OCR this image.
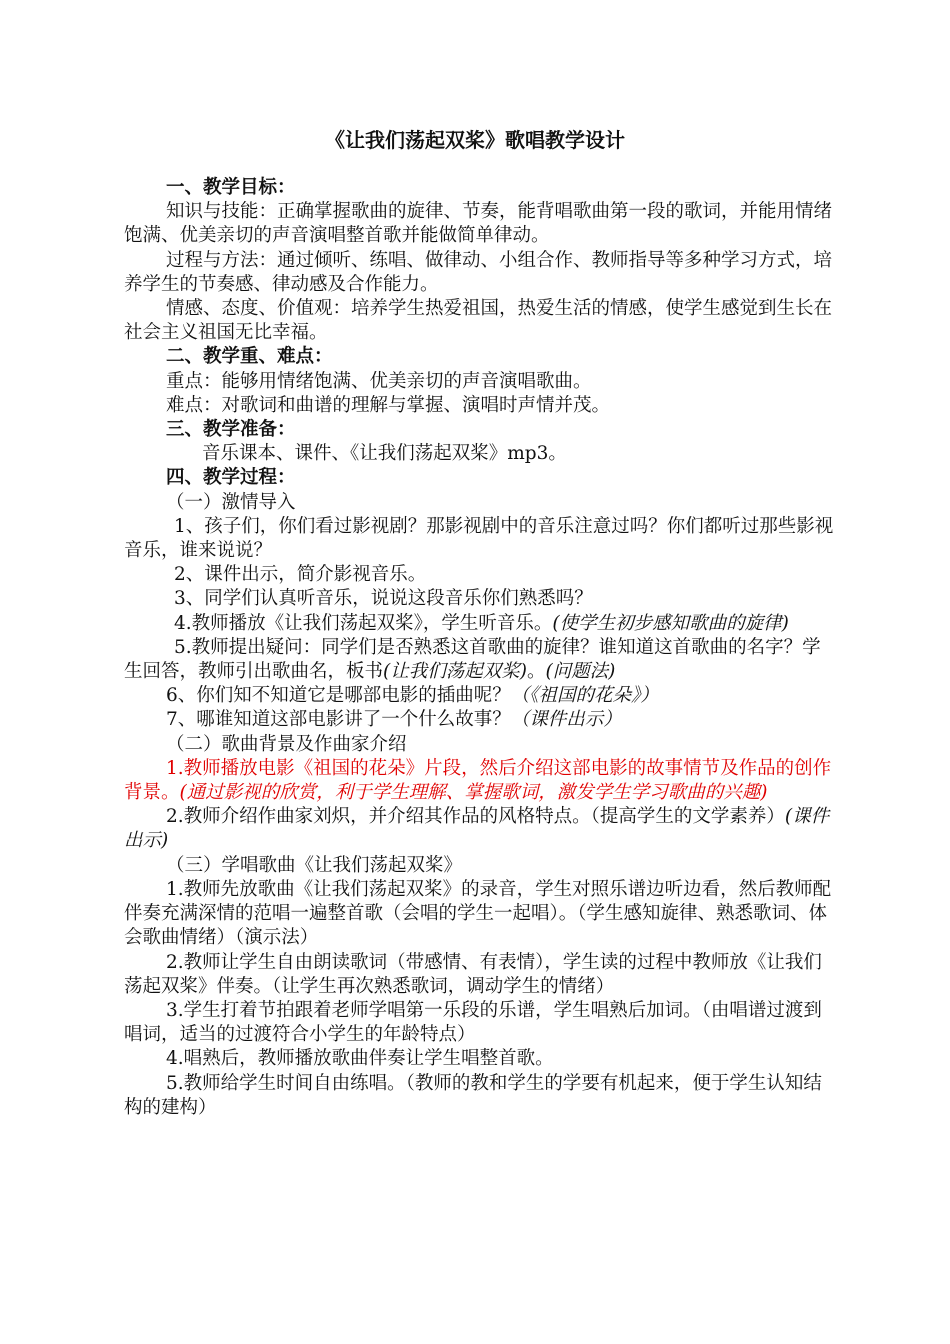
《让我们荡起双桨》歌唱教学设计

一、教学目标：

知识与技能：正确掌握歌曲的旋律、节奏，能背唱歌曲第一段的歌词，并能用情绪饱满、优美亲切的声音演唱整首歌并能做简单律动。

过程与方法：通过倾听、练唱、做律动、小组合作、教师指导等多种学习方式，培养学生的节奏感、律动感及合作能力。

情感、态度、价值观：培养学生热爱祖国，热爱生活的情感，使学生感觉到生长在社会主义祖国无比幸福。

二、教学重、难点：

重点：能够用情绪饱满、优美亲切的声音演唱歌曲。

难点：对歌词和曲谱的理解与掌握、演唱时声情并茂。

三、教学准备：

音乐课本、课件、《让我们荡起双桨》mp3。

四、教学过程：

（一）激情导入

1、孩子们，你们看过影视剧？那影视剧中的音乐注意过吗？你们都听过那些影视音乐，谁来说说？

2、课件出示，简介影视音乐。

3、同学们认真听音乐，说说这段音乐你们熟悉吗？

4.教师播放《让我们荡起双桨》，学生听音乐。(使学生初步感知歌曲的旋律)

5.教师提出疑问：同学们是否熟悉这首歌曲的旋律？谁知道这首歌曲的名字？学生回答，教师引出歌曲名，板书(让我们荡起双桨)。(问题法)

6、你们知不知道它是哪部电影的插曲呢？（《祖国的花朵》）

7、哪谁知道这部电影讲了一个什么故事？（课件出示）

（二）歌曲背景及作曲家介绍

1.教师播放电影《祖国的花朵》片段，然后介绍这部电影的故事情节及作品的创作背景。(通过影视的欣赏，利于学生理解、掌握歌词，激发学生学习歌曲的兴趣)

2.教师介绍作曲家刘炽，并介绍其作品的风格特点。（提高学生的文学素养）(课件出示)

（三）学唱歌曲《让我们荡起双桨》

1.教师先放歌曲《让我们荡起双桨》的录音，学生对照乐谱边听边看，然后教师配伴奏充满深情的范唱一遍整首歌（会唱的学生一起唱）。（学生感知旋律、熟悉歌词、体会歌曲情绪）（演示法）

2.教师让学生自由朗读歌词（带感情、有表情），学生读的过程中教师放《让我们荡起双桨》伴奏。（让学生再次熟悉歌词，调动学生的情绪）

3.学生打着节拍跟着老师学唱第一乐段的乐谱，学生唱熟后加词。（由唱谱过渡到唱词，适当的过渡符合小学生的年龄特点）

4.唱熟后，教师播放歌曲伴奏让学生唱整首歌。

5.教师给学生时间自由练唱。（教师的教和学生的学要有机起来，便于学生认知结构的建构）
